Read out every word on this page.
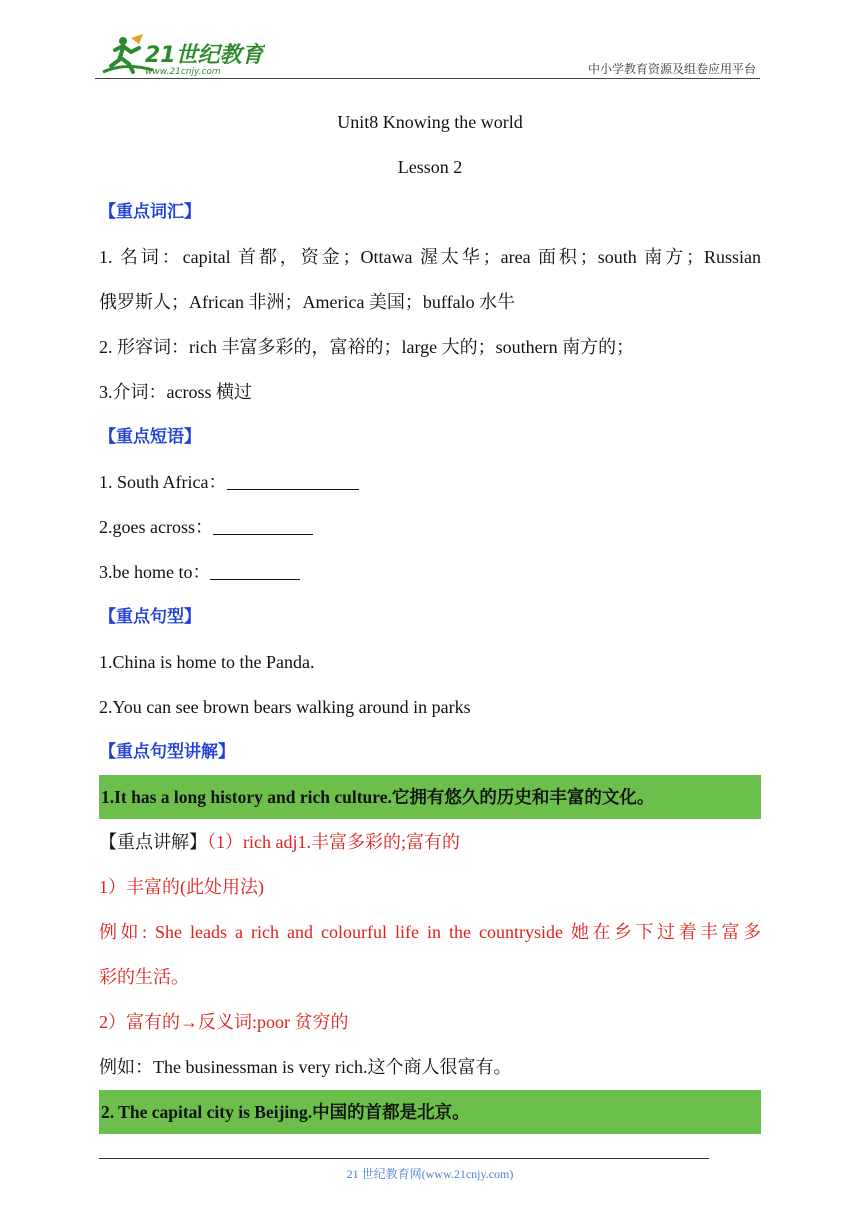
21世纪教育
www.21cnjy.com	中小学教育资源及组卷应用平台
Unit8 Knowing the world
Lesson 2
【重点词汇】
1. 名词：capital 首都，资金；Ottawa 渥太华；area 面积；south 南方；Russian
俄罗斯人；African 非洲；America 美国；buffalo 水牛
2. 形容词：rich 丰富多彩的，富裕的；large 大的；southern 南方的；
3.介词：across 横过
【重点短语】
1. South Africa：
2.goes across：
3.be home to：
【重点句型】
1.China is home to the Panda.
2.You can see brown bears walking around in parks
【重点句型讲解】
1.It has a long history and rich culture.它拥有悠久的历史和丰富的文化。
【重点讲解】（1）rich adj1.丰富多彩的;富有的
1）丰富的(此处用法)
例如: She leads a rich and colourful life in the countryside 她在乡下过着丰富多
彩的生活。
2）富有的→反义词:poor 贫穷的
例如：The businessman is very rich.这个商人很富有。
2. The capital city is Beijing.中国的首都是北京。
21 世纪教育网(www.21cnjy.com)
